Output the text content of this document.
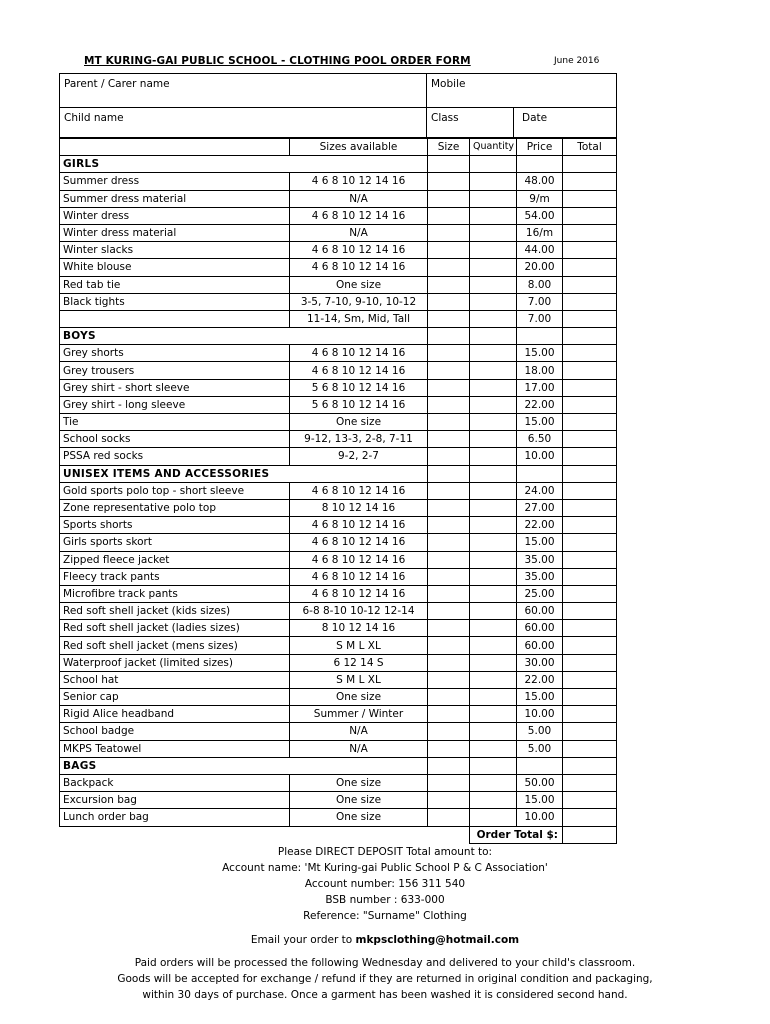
MT KURING-GAI PUBLIC SCHOOL - CLOTHING POOL ORDER FORM	June 2016
Parent / Carer name	Mobile	
Child name	Class	Date
	Sizes available	Size	Quantity	Price	Total
GIRLS					
Summer dress	4 6 8 10 12 14 16			48.00	
Summer dress material	N/A			9/m	
Winter dress	4 6 8 10 12 14 16			54.00	
Winter dress material	N/A			16/m	
Winter slacks	4 6 8 10 12 14 16			44.00	
White blouse	4 6 8 10 12 14 16			20.00	
Red tab tie	One size			8.00	
Black tights	3-5, 7-10, 9-10, 10-12			7.00	
	11-14, Sm, Mid, Tall			7.00	
BOYS					
Grey shorts	4 6 8 10 12 14 16			15.00	
Grey trousers	4 6 8 10 12 14 16			18.00	
Grey shirt - short sleeve	5 6 8 10 12 14 16			17.00	
Grey shirt - long sleeve	5 6 8 10 12 14 16			22.00	
Tie	One size			15.00	
School socks	9-12, 13-3, 2-8, 7-11			6.50	
PSSA red socks	9-2, 2-7			10.00	
UNISEX ITEMS AND ACCESSORIES					
Gold sports polo top - short sleeve	4 6 8 10 12 14 16			24.00	
Zone representative polo top	8 10 12 14 16			27.00	
Sports shorts	4 6 8 10 12 14 16			22.00	
Girls sports skort	4 6 8 10 12 14 16			15.00	
Zipped fleece jacket	4 6 8 10 12 14 16			35.00	
Fleecy track pants	4 6 8 10 12 14 16			35.00	
Microfibre track pants	4 6 8 10 12 14 16			25.00	
Red soft shell jacket (kids sizes)	6-8 8-10 10-12 12-14			60.00	
Red soft shell jacket (ladies sizes)	8 10 12 14 16			60.00	
Red soft shell jacket (mens sizes)	S M L XL			60.00	
Waterproof jacket (limited sizes)	6 12 14 S			30.00	
School hat	S M L XL			22.00	
Senior cap	One size			15.00	
Rigid Alice headband	Summer / Winter			10.00	
School badge	N/A			5.00	
MKPS Teatowel	N/A			5.00	
BAGS					
Backpack	One size			50.00	
Excursion bag	One size			15.00	
Lunch order bag	One size			10.00	
			Order Total $:		
Please DIRECT DEPOSIT Total amount to:
Account name: 'Mt Kuring-gai Public School P & C Association'
Account number: 156 311 540
BSB number : 633-000
Reference: "Surname" Clothing
Email your order to mkpsclothing@hotmail.com
Paid orders will be processed the following Wednesday and delivered to your child's classroom.
Goods will be accepted for exchange / refund if they are returned in original condition and packaging,
within 30 days of purchase. Once a garment has been washed it is considered second hand.
